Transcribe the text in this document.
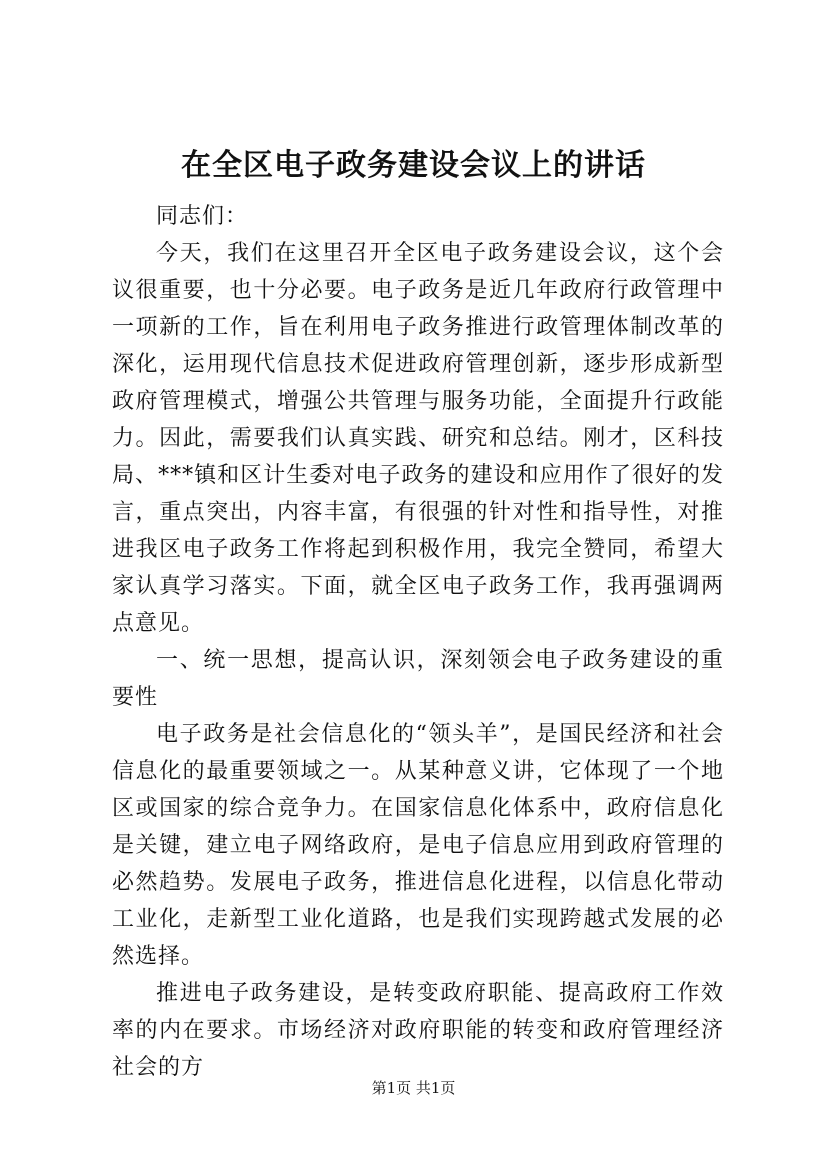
在全区电子政务建设会议上的讲话

同志们：

今天，我们在这里召开全区电子政务建设会议，这个会议很重要，也十分必要。电子政务是近几年政府行政管理中一项新的工作，旨在利用电子政务推进行政管理体制改革的深化，运用现代信息技术促进政府管理创新，逐步形成新型政府管理模式，增强公共管理与服务功能，全面提升行政能力。因此，需要我们认真实践、研究和总结。刚才，区科技局、***镇和区计生委对电子政务的建设和应用作了很好的发言，重点突出，内容丰富，有很强的针对性和指导性，对推进我区电子政务工作将起到积极作用，我完全赞同，希望大家认真学习落实。下面，就全区电子政务工作，我再强调两点意见。

一、统一思想，提高认识，深刻领会电子政务建设的重要性

电子政务是社会信息化的“领头羊”，是国民经济和社会信息化的最重要领域之一。从某种意义讲，它体现了一个地区或国家的综合竞争力。在国家信息化体系中，政府信息化是关键，建立电子网络政府，是电子信息应用到政府管理的必然趋势。发展电子政务，推进信息化进程，以信息化带动工业化，走新型工业化道路，也是我们实现跨越式发展的必然选择。

推进电子政务建设，是转变政府职能、提高政府工作效率的内在要求。市场经济对政府职能的转变和政府管理经济社会的方

第1页 共1页
